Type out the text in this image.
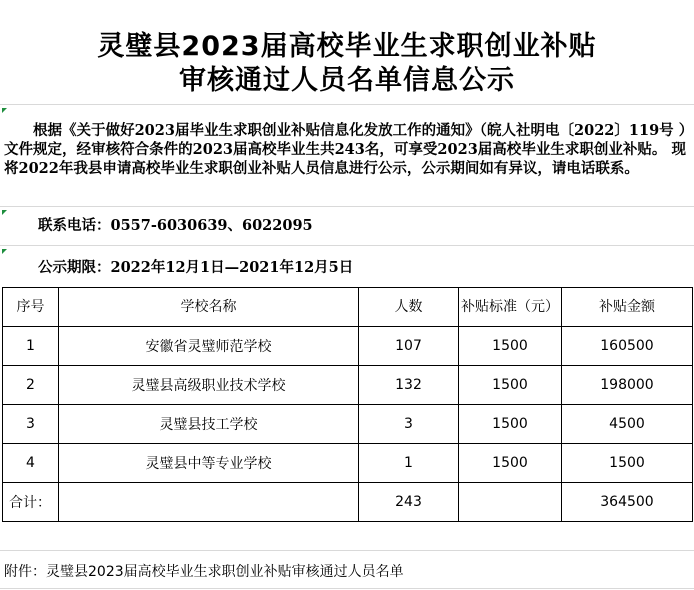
灵璧县2023届高校毕业生求职创业补贴
审核通过人员名单信息公示
根据《关于做好2023届毕业生求职创业补贴信息化发放工作的通知》（皖人社明电〔2022〕119号 ）文件规定，经审核符合条件的2023届高校毕业生共243名，可享受2023届高校毕业生求职创业补贴。 现将2022年我县申请高校毕业生求职创业补贴人员信息进行公示，公示期间如有异议，请电话联系。
联系电话：0557-6030639、6022095
公示期限：2022年12月1日—2021年12月5日
序号	学校名称	人数	补贴标准（元）	补贴金额
1	安徽省灵璧师范学校	107	1500	160500
2	灵璧县高级职业技术学校	132	1500	198000
3	灵璧县技工学校	3	1500	4500
4	灵璧县中等专业学校	1	1500	1500
合计：		243		364500
附件：灵璧县2023届高校毕业生求职创业补贴审核通过人员名单
